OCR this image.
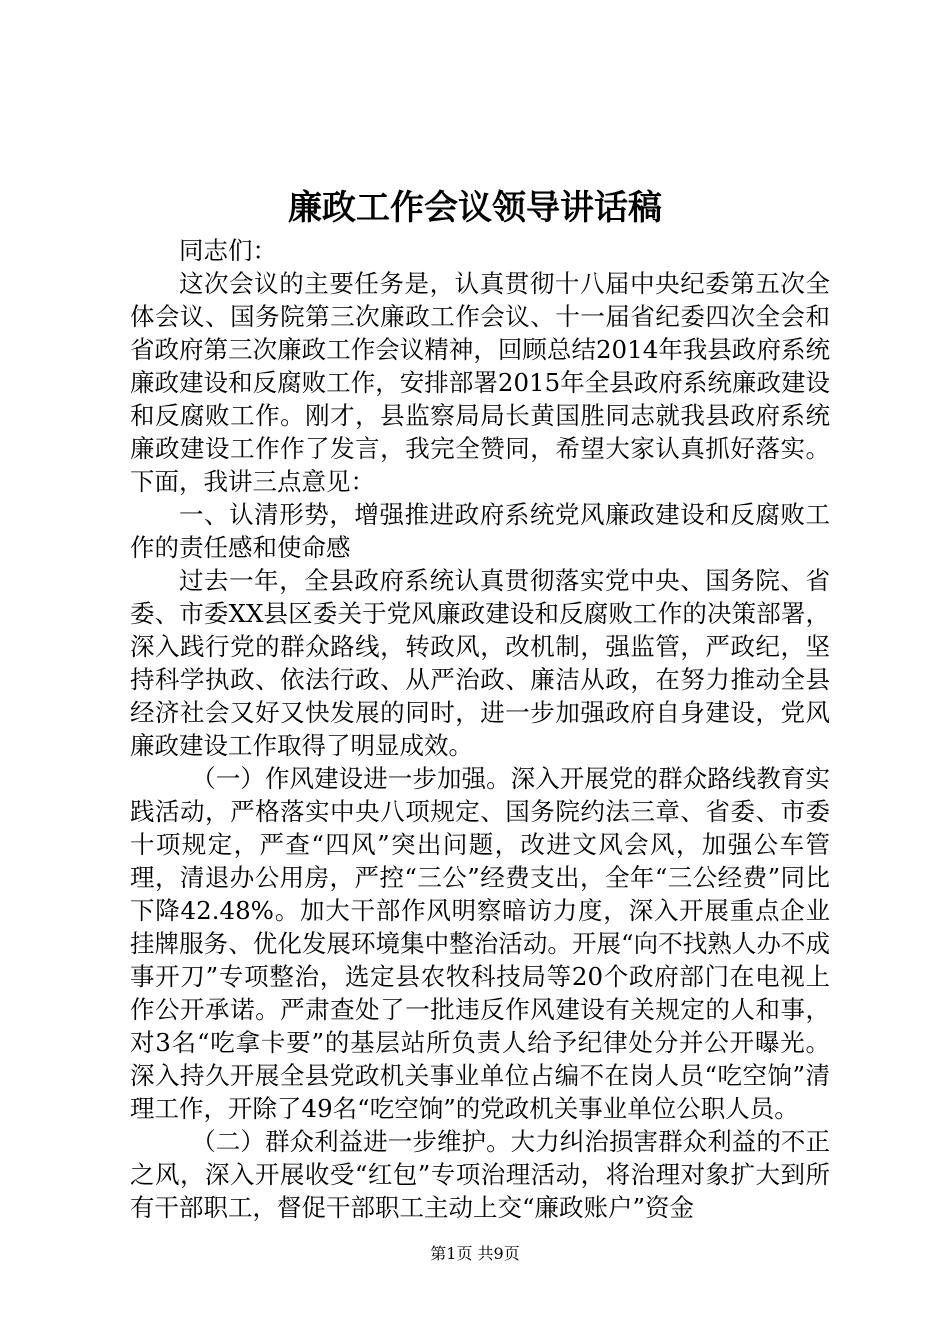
廉政工作会议领导讲话稿

同志们：

这次会议的主要任务是，认真贯彻十八届中央纪委第五次全体会议、国务院第三次廉政工作会议、十一届省纪委四次全会和省政府第三次廉政工作会议精神，回顾总结2014年我县政府系统廉政建设和反腐败工作，安排部署2015年全县政府系统廉政建设和反腐败工作。刚才，县监察局局长黄国胜同志就我县政府系统廉政建设工作作了发言，我完全赞同，希望大家认真抓好落实。下面，我讲三点意见：

一、认清形势，增强推进政府系统党风廉政建设和反腐败工作的责任感和使命感

过去一年，全县政府系统认真贯彻落实党中央、国务院、省委、市委XX县区委关于党风廉政建设和反腐败工作的决策部署，深入践行党的群众路线，转政风，改机制，强监管，严政纪，坚持科学执政、依法行政、从严治政、廉洁从政，在努力推动全县经济社会又好又快发展的同时，进一步加强政府自身建设，党风廉政建设工作取得了明显成效。

（一）作风建设进一步加强。深入开展党的群众路线教育实践活动，严格落实中央八项规定、国务院约法三章、省委、市委十项规定，严查“四风”突出问题，改进文风会风，加强公车管理，清退办公用房，严控“三公”经费支出，全年“三公经费”同比下降42.48%。加大干部作风明察暗访力度，深入开展重点企业挂牌服务、优化发展环境集中整治活动。开展“向不找熟人办不成事开刀”专项整治，选定县农牧科技局等20个政府部门在电视上作公开承诺。严肃查处了一批违反作风建设有关规定的人和事，对3名“吃拿卡要”的基层站所负责人给予纪律处分并公开曝光。深入持久开展全县党政机关事业单位占编不在岗人员“吃空饷”清理工作，开除了49名“吃空饷”的党政机关事业单位公职人员。

（二）群众利益进一步维护。大力纠治损害群众利益的不正之风，深入开展收受“红包”专项治理活动，将治理对象扩大到所有干部职工，督促干部职工主动上交“廉政账户”资金

第1页 共9页
